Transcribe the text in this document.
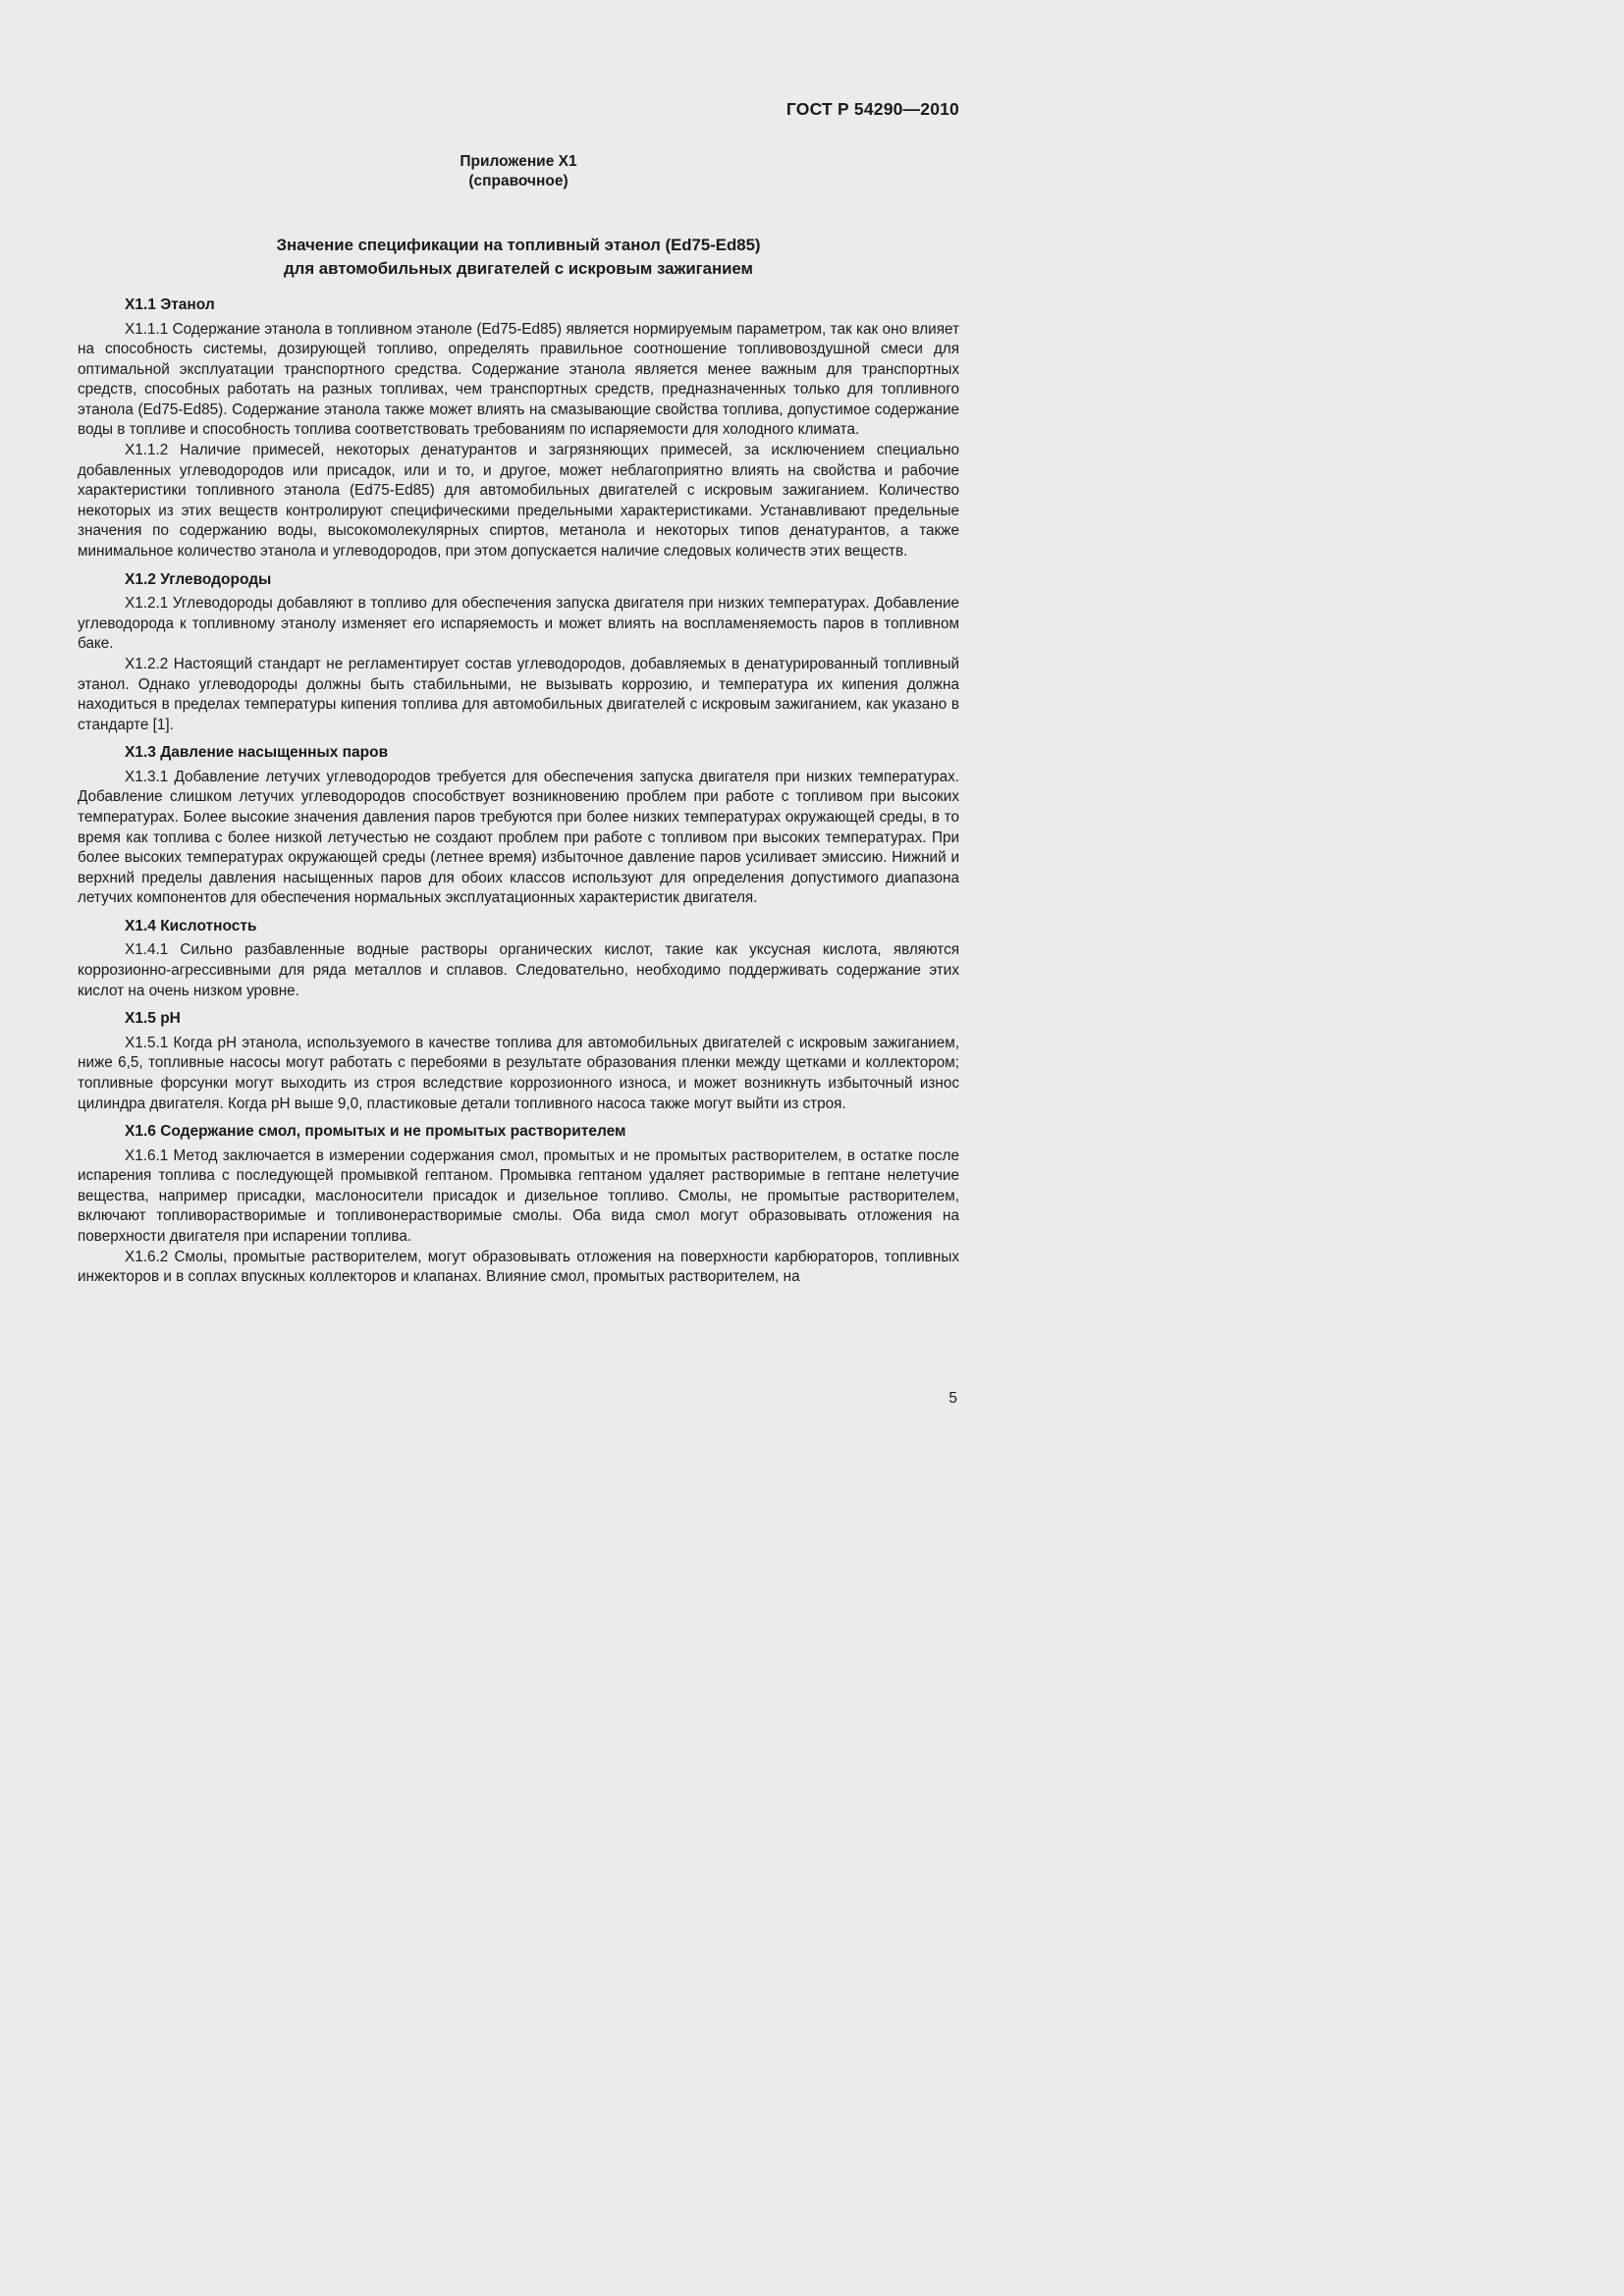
ГОСТ Р 54290—2010

Приложение Х1
(справочное)
Значение спецификации на топливный этанол (Ed75-Ed85)
для автомобильных двигателей с искровым зажиганием
Х1.1 Этанол

Х1.1.1 Содержание этанола в топливном этаноле (Ed75-Ed85) является нормируемым параметром, так как оно влияет на способность системы, дозирующей топливо, определять правильное соотношение топливовоздушной смеси для оптимальной эксплуатации транспортного средства. Содержание этанола является менее важным для транспортных средств, способных работать на разных топливах, чем транспортных средств, предназначенных только для топливного этанола (Ed75-Ed85). Содержание этанола также может влиять на смазывающие свойства топлива, допустимое содержание воды в топливе и способность топлива соответствовать требованиям по испаряемости для холодного климата.

Х1.1.2 Наличие примесей, некоторых денатурантов и загрязняющих примесей, за исключением специально добавленных углеводородов или присадок, или и то, и другое, может неблагоприятно влиять на свойства и рабочие характеристики топливного этанола (Ed75-Ed85) для автомобильных двигателей с искровым зажиганием. Количество некоторых из этих веществ контролируют специфическими предельными характеристиками. Устанавливают предельные значения по содержанию воды, высокомолекулярных спиртов, метанола и некоторых типов денатурантов, а также минимальное количество этанола и углеводородов, при этом допускается наличие следовых количеств этих веществ.

Х1.2 Углеводороды

Х1.2.1 Углеводороды добавляют в топливо для обеспечения запуска двигателя при низких температурах. Добавление углеводорода к топливному этанолу изменяет его испаряемость и может влиять на воспламеняемость паров в топливном баке.

Х1.2.2 Настоящий стандарт не регламентирует состав углеводородов, добавляемых в денатурированный топливный этанол. Однако углеводороды должны быть стабильными, не вызывать коррозию, и температура их кипения должна находиться в пределах температуры кипения топлива для автомобильных двигателей с искровым зажиганием, как указано в стандарте [1].

Х1.3 Давление насыщенных паров

Х1.3.1 Добавление летучих углеводородов требуется для обеспечения запуска двигателя при низких температурах. Добавление слишком летучих углеводородов способствует возникновению проблем при работе с топливом при высоких температурах. Более высокие значения давления паров требуются при более низких температурах окружающей среды, в то время как топлива с более низкой летучестью не создают проблем при работе с топливом при высоких температурах. При более высоких температурах окружающей среды (летнее время) избыточное давление паров усиливает эмиссию. Нижний и верхний пределы давления насыщенных паров для обоих классов используют для определения допустимого диапазона летучих компонентов для обеспечения нормальных эксплуатационных характеристик двигателя.

Х1.4 Кислотность

Х1.4.1 Сильно разбавленные водные растворы органических кислот, такие как уксусная кислота, являются коррозионно-агрессивными для ряда металлов и сплавов. Следовательно, необходимо поддерживать содержание этих кислот на очень низком уровне.

Х1.5 pH

Х1.5.1 Когда pH этанола, используемого в качестве топлива для автомобильных двигателей с искровым зажиганием, ниже 6,5, топливные насосы могут работать с перебоями в результате образования пленки между щетками и коллектором; топливные форсунки могут выходить из строя вследствие коррозионного износа, и может возникнуть избыточный износ цилиндра двигателя. Когда pH выше 9,0, пластиковые детали топливного насоса также могут выйти из строя.

Х1.6 Содержание смол, промытых и не промытых растворителем

Х1.6.1 Метод заключается в измерении содержания смол, промытых и не промытых растворителем, в остатке после испарения топлива с последующей промывкой гептаном. Промывка гептаном удаляет растворимые в гептане нелетучие вещества, например присадки, маслоносители присадок и дизельное топливо. Смолы, не промытые растворителем, включают топливорастворимые и топливонерастворимые смолы. Оба вида смол могут образовывать отложения на поверхности двигателя при испарении топлива.

Х1.6.2 Смолы, промытые растворителем, могут образовывать отложения на поверхности карбюраторов, топливных инжекторов и в соплах впускных коллекторов и клапанах. Влияние смол, промытых растворителем, на

5
